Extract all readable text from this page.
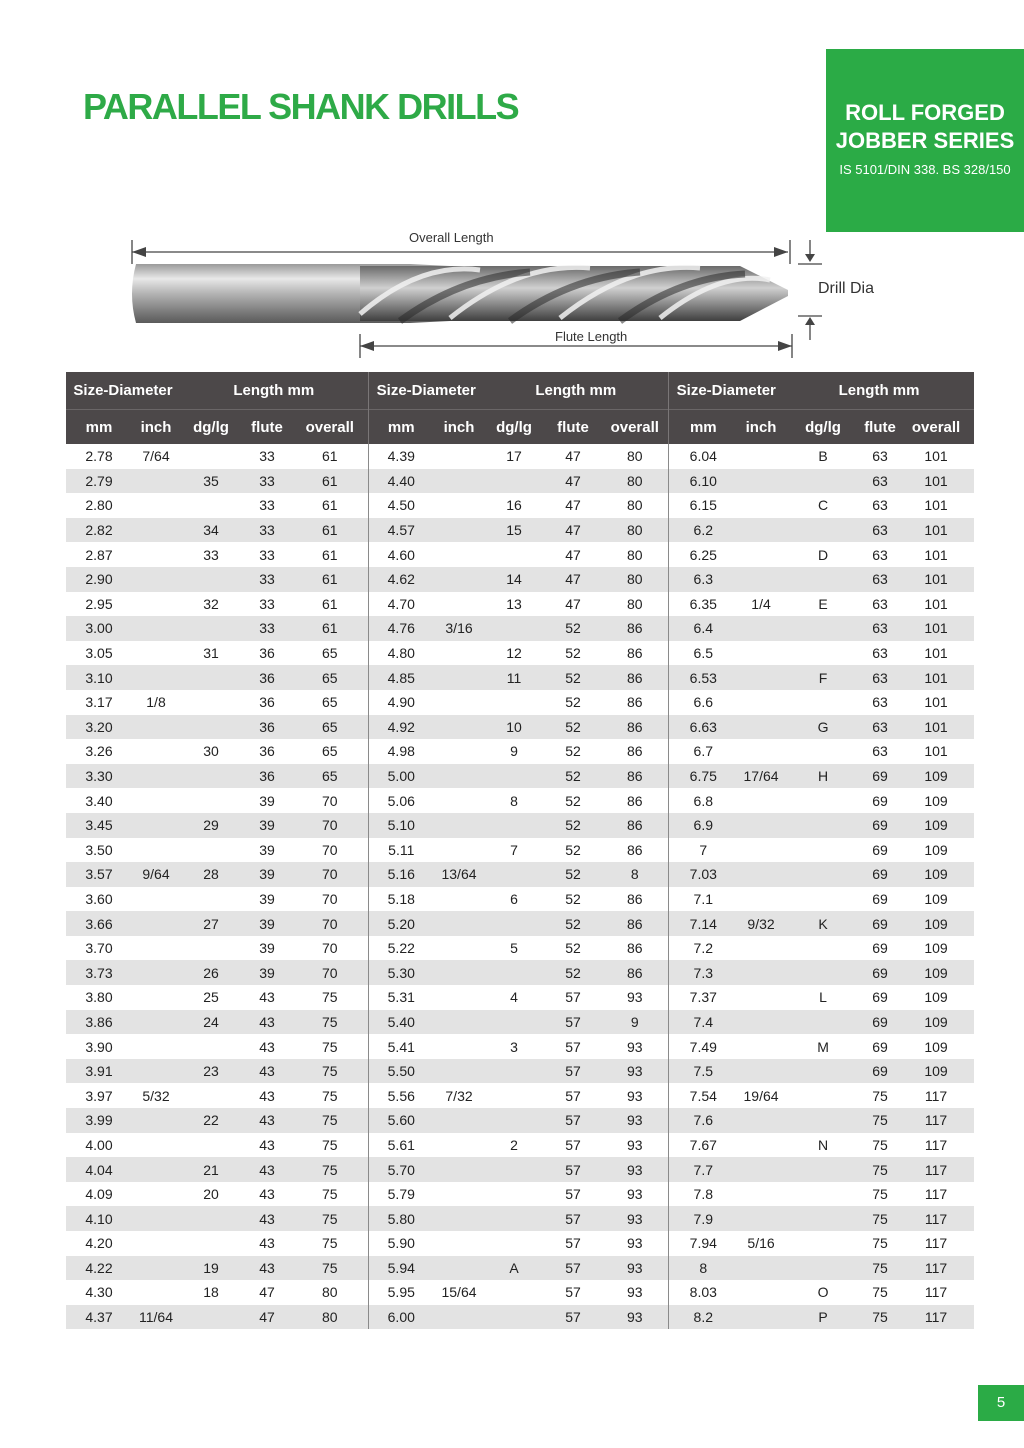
PARALLEL SHANK DRILLS	ROLL FORGED
JOBBER SERIES
IS 5101/DIN 338. BS 328/150
Overall Length
Flute Length
Drill Dia
Size-Diameter		Length mm			Size-Diameter		Length mm			Size-Diameter		Length mm		
mm	inch	dg/lg	flute	overall	mm	inch	dg/lg	flute	overall	mm	inch	dg/lg	flute	overall
2.78	7/64		33	61	4.39		17	47	80	6.04		B	63	101
2.79		35	33	61	4.40			47	80	6.10			63	101
2.80			33	61	4.50		16	47	80	6.15		C	63	101
2.82		34	33	61	4.57		15	47	80	6.2			63	101
2.87		33	33	61	4.60			47	80	6.25		D	63	101
2.90			33	61	4.62		14	47	80	6.3			63	101
2.95		32	33	61	4.70		13	47	80	6.35	1/4	E	63	101
3.00			33	61	4.76	3/16		52	86	6.4			63	101
3.05		31	36	65	4.80		12	52	86	6.5			63	101
3.10			36	65	4.85		11	52	86	6.53		F	63	101
3.17	1/8		36	65	4.90			52	86	6.6			63	101
3.20			36	65	4.92		10	52	86	6.63		G	63	101
3.26		30	36	65	4.98		9	52	86	6.7			63	101
3.30			36	65	5.00			52	86	6.75	17/64	H	69	109
3.40			39	70	5.06		8	52	86	6.8			69	109
3.45		29	39	70	5.10			52	86	6.9			69	109
3.50			39	70	5.11		7	52	86	7			69	109
3.57	9/64	28	39	70	5.16	13/64		52	8	7.03			69	109
3.60			39	70	5.18		6	52	86	7.1			69	109
3.66		27	39	70	5.20			52	86	7.14	9/32	K	69	109
3.70			39	70	5.22		5	52	86	7.2			69	109
3.73		26	39	70	5.30			52	86	7.3			69	109
3.80		25	43	75	5.31		4	57	93	7.37		L	69	109
3.86		24	43	75	5.40			57	9	7.4			69	109
3.90			43	75	5.41		3	57	93	7.49		M	69	109
3.91		23	43	75	5.50			57	93	7.5			69	109
3.97	5/32		43	75	5.56	7/32		57	93	7.54	19/64		75	117
3.99		22	43	75	5.60			57	93	7.6			75	117
4.00			43	75	5.61		2	57	93	7.67		N	75	117
4.04		21	43	75	5.70			57	93	7.7			75	117
4.09		20	43	75	5.79			57	93	7.8			75	117
4.10			43	75	5.80			57	93	7.9			75	117
4.20			43	75	5.90			57	93	7.94	5/16		75	117
4.22		19	43	75	5.94		A	57	93	8			75	117
4.30		18	47	80	5.95	15/64		57	93	8.03		O	75	117
4.37	11/64		47	80	6.00			57	93	8.2		P	75	117
5
